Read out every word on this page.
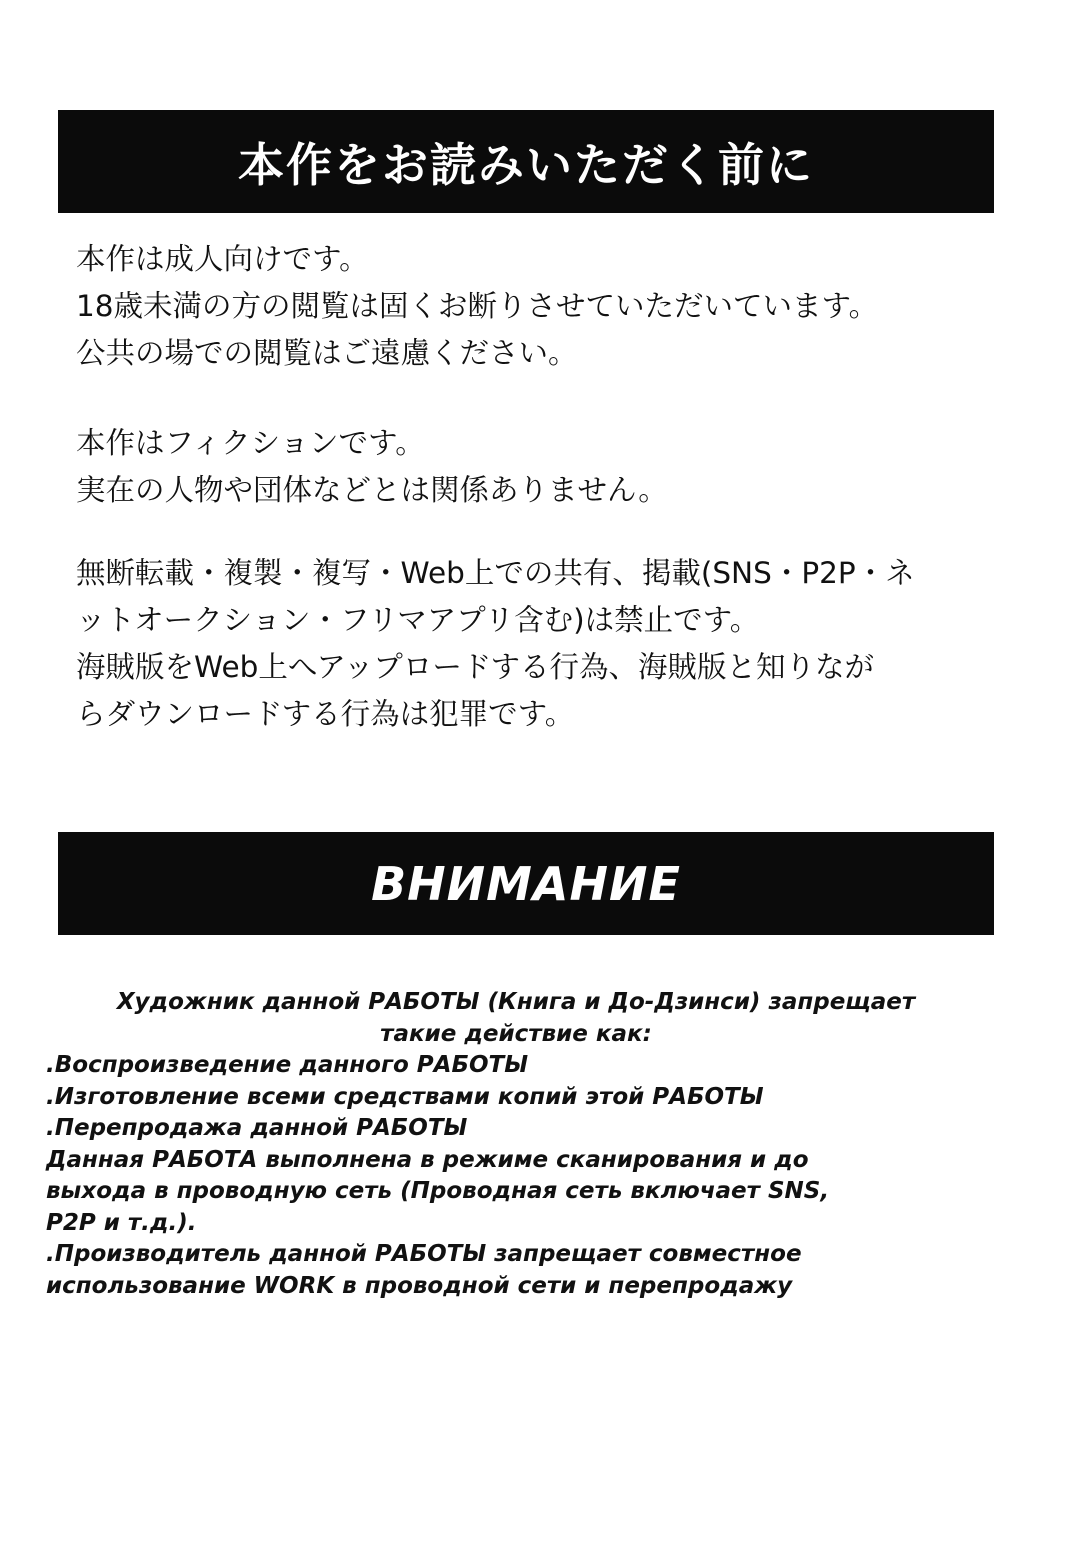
本作をお読みいただく前に
本作は成人向けです。
18歳未満の方の閲覧は固くお断りさせていただいています。
公共の場での閲覧はご遠慮ください。
本作はフィクションです。
実在の人物や団体などとは関係ありません。
無断転載・複製・複写・Web上での共有、掲載(SNS・P2P・ネ
ットオークション・フリマアプリ含む)は禁止です。
海賊版をWeb上へアップロードする行為、海賊版と知りなが
らダウンロードする行為は犯罪です。
ВНИМАНИЕ
Художник данной РАБОТЫ (Книга и До-Дзинси) запрещает
такие действие как:
.Воспроизведение данного РАБОТЫ
.Изготовление всеми средствами копий этой РАБОТЫ
.Перепродажа данной РАБОТЫ
Данная РАБОТА выполнена в режиме сканирования и до
выхода в проводную сеть (Проводная сеть включает SNS,
P2P и т.д.).
.Производитель данной РАБОТЫ запрещает совместное
использование WORK в проводной сети и перепродажу
